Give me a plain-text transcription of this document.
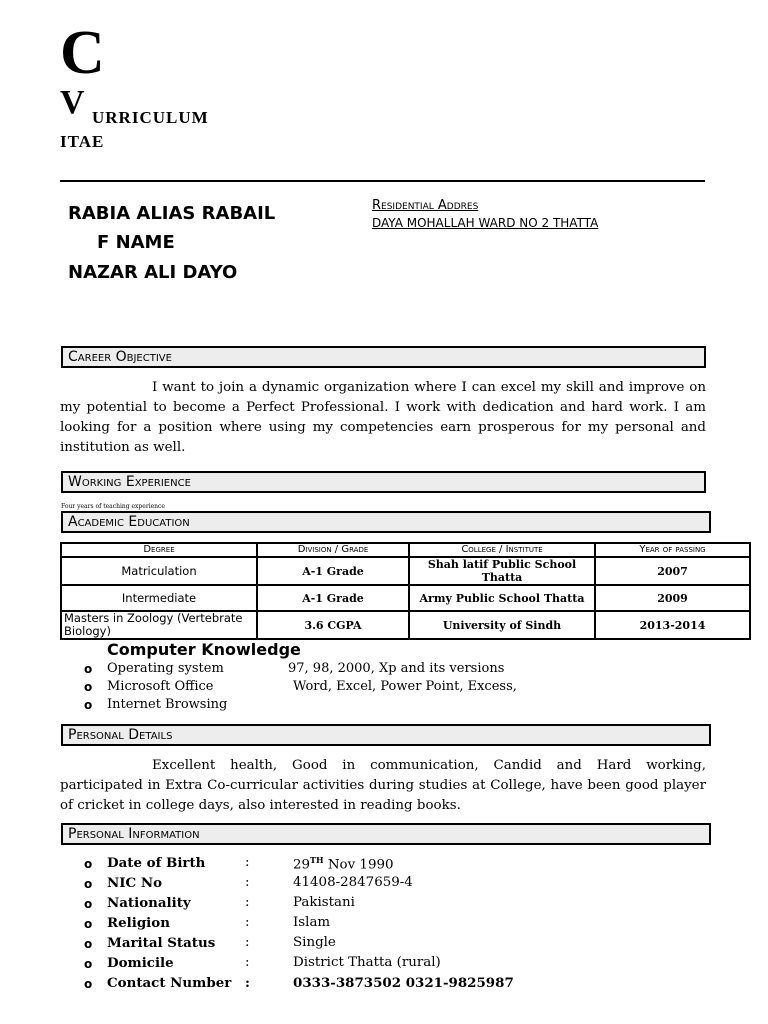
C
V URRICULUM
ITAE
RABIA ALIAS RABAIL
F NAME
NAZAR ALI DAYO
Residential Addres
DAYA MOHALLAH WARD NO 2 THATTA
Career Objective
I want to join a dynamic organization where I can excel my skill and improve on my potential to become a Perfect Professional. I work with dedication and hard work. I am looking for a position where using my competencies earn prosperous for my personal and institution as well.
Working Experience
Four years of teaching experience
Academic Education
Degree	Division / Grade	College / Institute	Year of passing
Matriculation	A-1 Grade	Shah latif Public School Thatta	2007
Intermediate	A-1 Grade	Army Public School Thatta	2009
Masters in Zoology (Vertebrate Biology)	3.6 CGPA	University of Sindh	2013-2014
Computer Knowledge
o Operating system	97, 98, 2000, Xp and its versions
o Microsoft Office	Word, Excel, Power Point, Excess,
o Internet Browsing
Personal Details
Excellent health, Good in communication, Candid and Hard working, participated in Extra Co-curricular activities during studies at College, have been good player of cricket in college days, also interested in reading books.
Personal Information
o Date of Birth	:	29TH Nov 1990
o NIC No	:	41408-2847659-4
o Nationality	:	Pakistani
o Religion	:	Islam
o Marital Status :	Single
o Domicile	:	District Thatta (rural)
o Contact Number :	0333-3873502 0321-9825987
